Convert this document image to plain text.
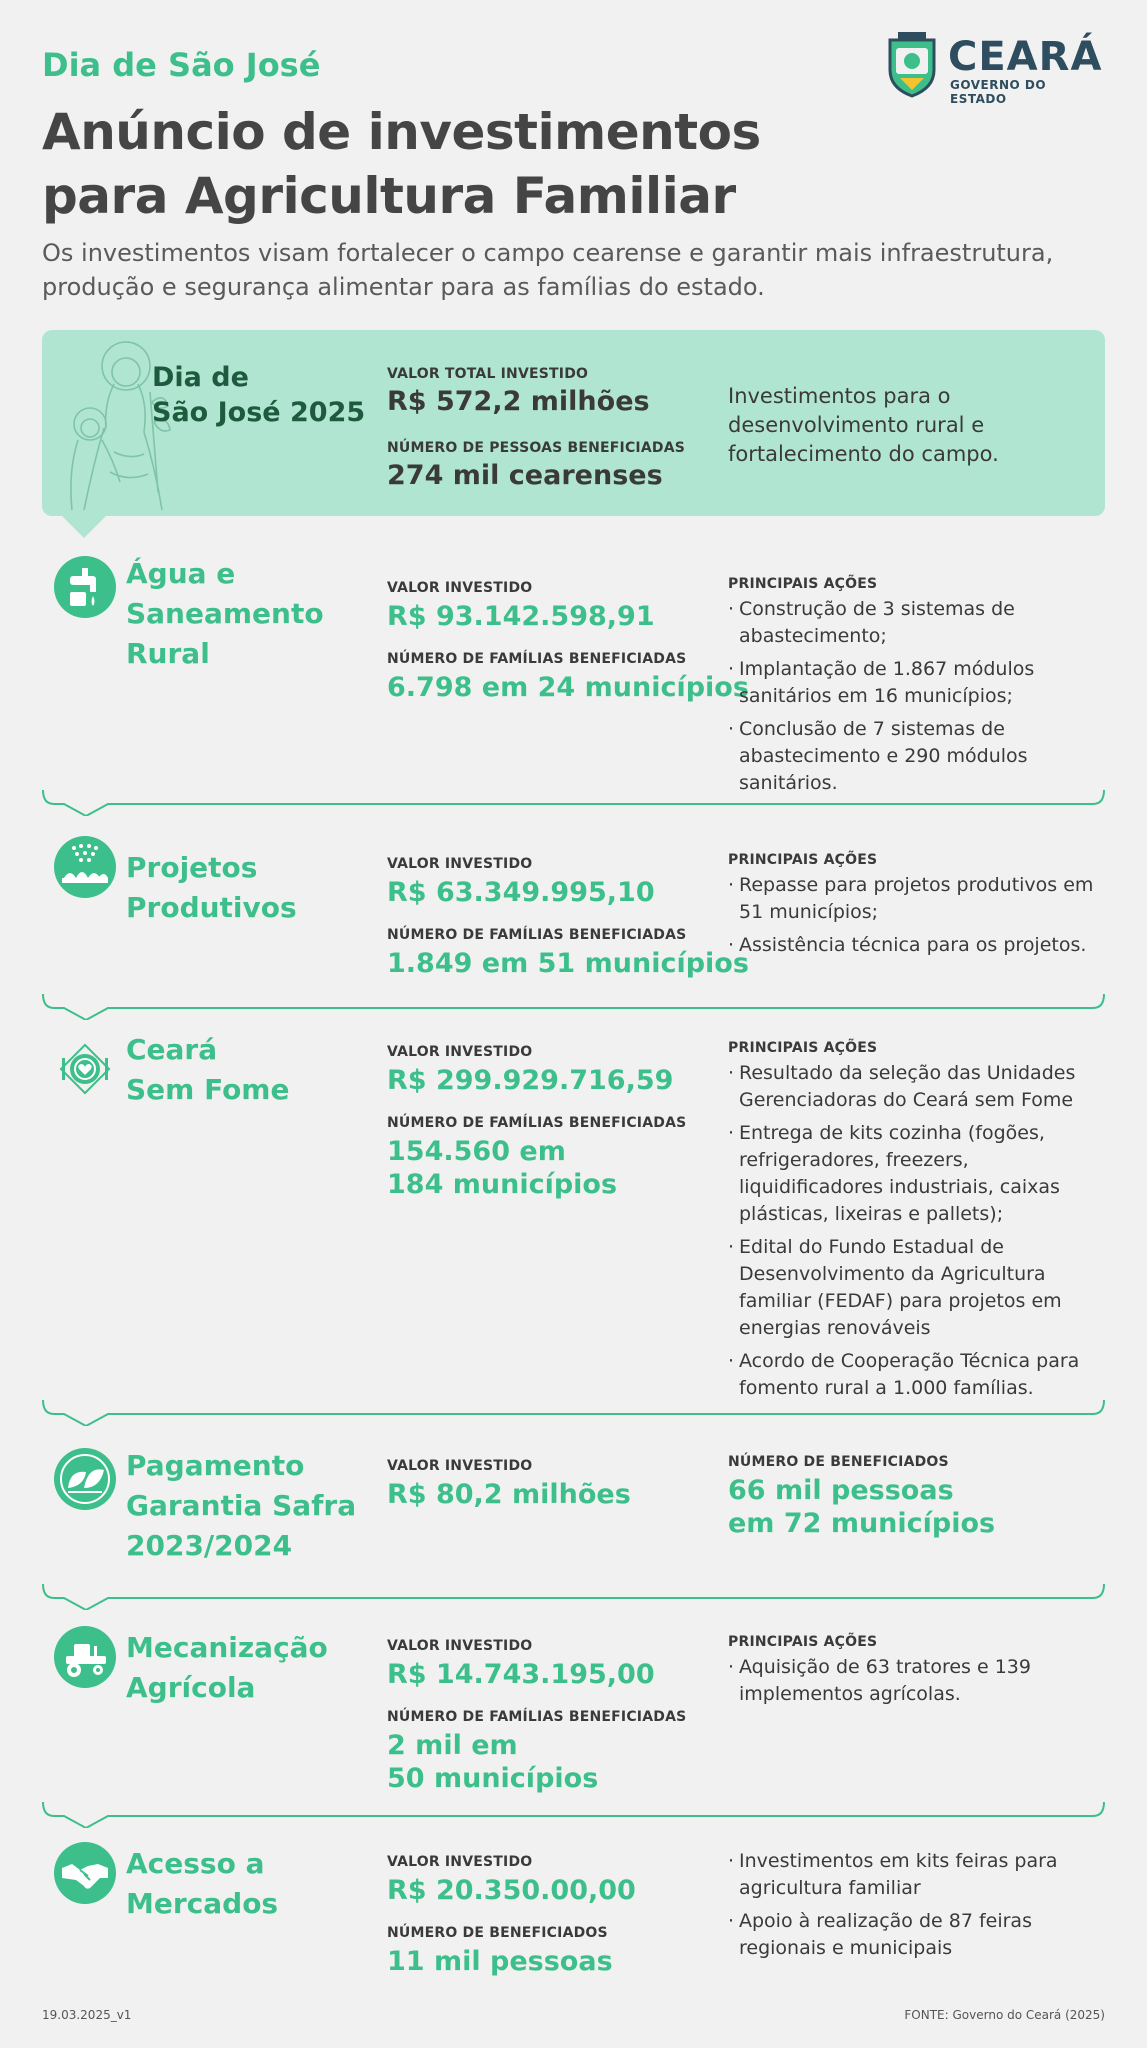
Dia de São José
Anúncio de investimentos
para Agricultura Familiar
Os investimentos visam fortalecer o campo cearense e garantir mais infraestrutura, produção e segurança alimentar para as famílias do estado.
CEARÁ
GOVERNO DO ESTADO
Dia de
São José 2025
VALOR TOTAL INVESTIDO
R$ 572,2 milhões
NÚMERO DE PESSOAS BENEFICIADAS
274 mil cearenses
Investimentos para o desenvolvimento rural e fortalecimento do campo.
Água e
Saneamento
Rural
VALOR INVESTIDO
R$ 93.142.598,91
NÚMERO DE FAMÍLIAS BENEFICIADAS
6.798 em 24 municípios
PRINCIPAIS AÇÕES
· Construção de 3 sistemas de abastecimento;
· Implantação de 1.867 módulos sanitários em 16 municípios;
· Conclusão de 7 sistemas de abastecimento e 290 módulos sanitários.
Projetos
Produtivos
VALOR INVESTIDO
R$ 63.349.995,10
NÚMERO DE FAMÍLIAS BENEFICIADAS
1.849 em 51 municípios
PRINCIPAIS AÇÕES
· Repasse para projetos produtivos em 51 municípios;
· Assistência técnica para os projetos.
Ceará
Sem Fome
VALOR INVESTIDO
R$ 299.929.716,59
NÚMERO DE FAMÍLIAS BENEFICIADAS
154.560 em
184 municípios
PRINCIPAIS AÇÕES
· Resultado da seleção das Unidades Gerenciadoras do Ceará sem Fome
· Entrega de kits cozinha (fogões, refrigeradores, freezers, liquidificadores industriais, caixas plásticas, lixeiras e pallets);
· Edital do Fundo Estadual de Desenvolvimento da Agricultura familiar (FEDAF) para projetos em energias renováveis
· Acordo de Cooperação Técnica para fomento rural a 1.000 famílias.
Pagamento
Garantia Safra
2023/2024
VALOR INVESTIDO
R$ 80,2 milhões
NÚMERO DE BENEFICIADOS
66 mil pessoas
em 72 municípios
Mecanização
Agrícola
VALOR INVESTIDO
R$ 14.743.195,00
NÚMERO DE FAMÍLIAS BENEFICIADAS
2 mil em
50 municípios
PRINCIPAIS AÇÕES
· Aquisição de 63 tratores e 139 implementos agrícolas.
Acesso a
Mercados
VALOR INVESTIDO
R$ 20.350.00,00
NÚMERO DE BENEFICIADOS
11 mil pessoas
· Investimentos em kits feiras para agricultura familiar
· Apoio à realização de 87 feiras regionais e municipais
19.03.2025_v1	FONTE: Governo do Ceará (2025)
